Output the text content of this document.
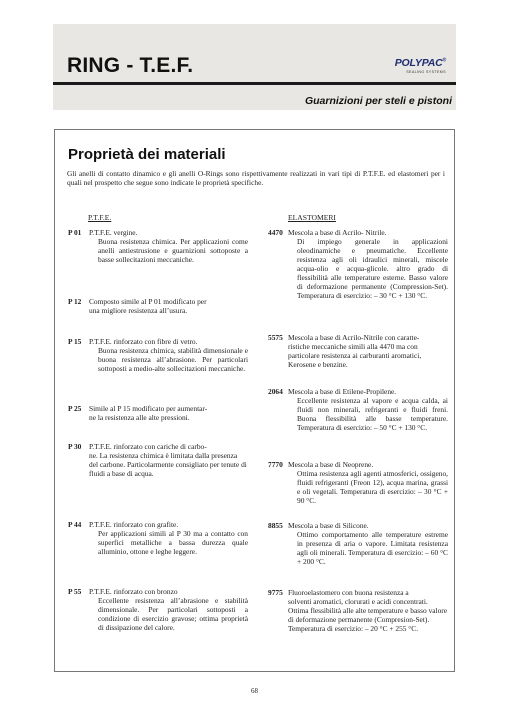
RING - T.E.F.	POLYPAC®
SEALING SYSTEMS
Guarnizioni per steli e pistoni
Proprietà dei materiali
Gli anelli di contatto dinamico e gli anelli O-Rings sono rispettivamente realizzati in vari tipi di P.T.F.E. ed elastomeri per i quali nel prospetto che segue sono indicate le proprietà specifiche.
P.T.F.E.	ELASTOMERI
P 01 P.T.F.E. vergine.
Buona resistenza chimica. Per applicazioni come anelli antiestrusione e guarnizioni sottoposte a basse sollecitazioni meccaniche.
P 12 Composto simile al P 01 modificato per
una migliore resistenza all’usura.
P 15 P.T.F.E. rinforzato con fibre di vetro.
Buona resistenza chimica, stabilità dimensionale e buona resistenza all’abrasione. Per particolari sottoposti a medio-alte sollecitazioni meccaniche.
P 25 Simile al P 15 modificato per aumentar-
ne la resistenza alle alte pressioni.
P 30 P.T.F.E. rinforzato con cariche di carbo-
ne. La resistenza chimica è limitata dalla presenza del carbone. Particolarmente consigliato per tenute di fluidi a base di acqua.
P 44 P.T.F.E. rinforzato con grafite.
Per applicazioni simili al P 30 ma a contatto con superfici metalliche a bassa durezza quale alluminio, ottone e leghe leggere.
P 55 P.T.F.E. rinforzato con bronzo
Eccellente resistenza all’abrasione e stabilità dimensionale. Per particolari sottoposti a condizione di esercizio gravose; ottima proprietà di dissipazione del calore.
4470 Mescola a base di Acrilo- Nitrile.
Di impiego generale in applicazioni oleodinamiche e pneumatiche. Eccellente resistenza agli oli idraulici minerali, miscele acqua-olio e acqua-glicole. altro grado di flessibilità alle temperature esterne. Basso valore di deformazione permanente (Compression-Set). Temperatura di esercizio: – 30 °C + 130 °C.
5575 Mescola a base di Acrilo-Nitrile con caratte-
ristiche meccaniche simili alla 4470 ma con particolare resistenza ai carburanti aromatici, Kerosene e benzine.
2064 Mescola a base di Etilene-Propilene.
Eccellente resistenza al vapore e acqua calda, ai fluidi non minerali, refrigeranti e fluidi freni. Buona flessibilità alle basse temperature. Temperatura di esercizio: – 50 °C + 130 °C.
7770 Mescola a base di Neoprene.
Ottima resistenza agli agenti atmosferici, ossigeno, fluidi refrigeranti (Freon 12), acqua marina, grassi e oli vegetali. Temperatura di esercizio: – 30 °C + 90 °C.
8855 Mescola a base di Silicone.
Ottimo comportamento alle temperature estreme in presenza di aria o vapore. Limitata resistenza agli oli minerali. Temperatura di esercizio: – 60 °C + 200 °C.
9775 Fluoroelastomero con buona resistenza a
solventi aromatici, clorurati e acidi concentrati. Ottima flessibilità alle alte temperature e basso valore di deformazione permanente (Compresion-Set). Temperatura di esercizio: – 20 °C + 255 °C.
68
